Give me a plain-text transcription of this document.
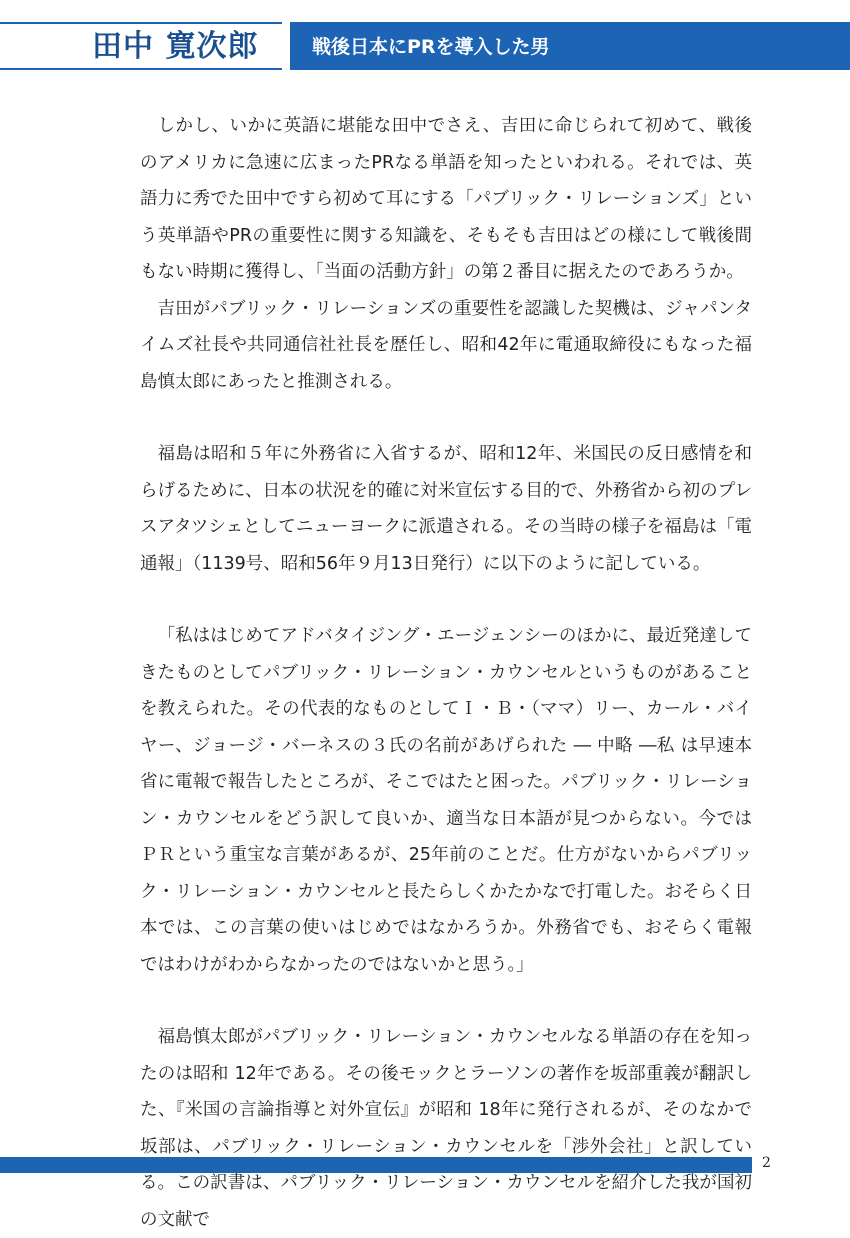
田中 寛次郎	戦後日本にPRを導入した男

しかし、いかに英語に堪能な田中でさえ、吉田に命じられて初めて、戦後のアメリカに急速に広まったPRなる単語を知ったといわれる。それでは、英語力に秀でた田中ですら初めて耳にする「パブリック・リレーションズ」という英単語やPRの重要性に関する知識を、そもそも吉田はどの様にして戦後間もない時期に獲得し、「当面の活動方針」の第２番目に据えたのであろうか。

吉田がパブリック・リレーションズの重要性を認識した契機は、ジャパンタイムズ社長や共同通信社社長を歴任し、昭和42年に電通取締役にもなった福島慎太郎にあったと推測される。

福島は昭和５年に外務省に入省するが、昭和12年、米国民の反日感情を和らげるために、日本の状況を的確に対米宣伝する目的で、外務省から初のプレスアタツシェとしてニューヨークに派遣される。その当時の様子を福島は「電通報」（1139号、昭和56年９月13日発行）に以下のように記している。

「私ははじめてアドバタイジング・エージェンシーのほかに、最近発達してきたものとしてパブリック・リレーション・カウンセルというものがあることを教えられた。その代表的なものとしてＩ・Ｂ・（ママ）リー、カール・バイヤー、ジョージ・バーネスの３氏の名前があげられた ― 中略 ―私 は早速本省に電報で報告したところが、そこではたと困った。パブリック・リレーション・カウンセルをどう訳して良いか、適当な日本語が見つからない。今ではＰＲという重宝な言葉があるが、25年前のことだ。仕方がないからパブリック・リレーション・カウンセルと長たらしくかたかなで打電した。おそらく日本では、この言葉の使いはじめではなかろうか。外務省でも、おそらく電報ではわけがわからなかったのではないかと思う。」

福島慎太郎がパブリック・リレーション・カウンセルなる単語の存在を知ったのは昭和 12年である。その後モックとラーソンの著作を坂部重義が翻訳した、『米国の言論指導と対外宣伝』が昭和 18年に発行されるが、そのなかで坂部は、パブリック・リレーション・カウンセルを「渉外会社」と訳している。この訳書は、パブリック・リレーション・カウンセルを紹介した我が国初の文献で

2
